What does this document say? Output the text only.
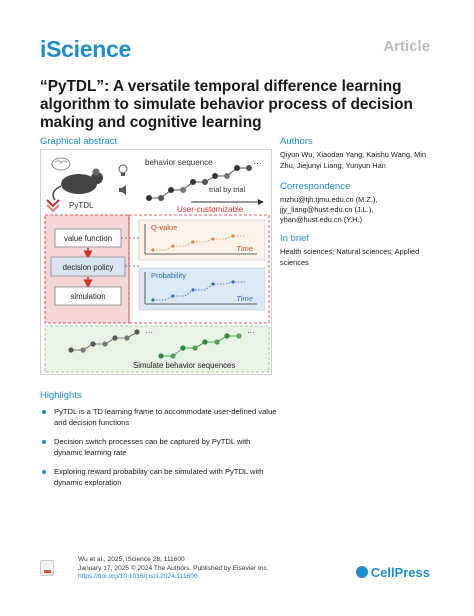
iScience	Article
“PyTDL”: A versatile temporal difference learning algorithm to simulate behavior process of decision making and cognitive learning
Graphical abstract
behavior sequence	···
trial by trial
PyTDL	User-customizable
value function
decision policy
simulation
Q-value
Time
Probability
Time
···	···
Simulate behavior sequences
Authors
Qiyun Wu, Xiaodan Yang, Kaishu Wang, Min Zhu, Jiejunyi Liang, Yunyun Han
Correspondence
mzhu@tjh.tjmu.edu.cn (M.Z.),
jjy_liang@hust.edu.cn (J.L.),
yhan@hust.edu.cn (Y.H.)
In brief
Health sciences; Natural sciences; Applied sciences
Highlights
PyTDL is a TD learning frame to accommodate user-defined value and decision functions
Decision switch processes can be captured by PyTDL with dynamic learning rate
Exploring reward probability can be simulated with PyTDL with dynamic exploration
Wu et al., 2025, iScience 28, 111600
January 17, 2025 © 2024 The Authors. Published by Elsevier Inc.
https://doi.org/10.1016/j.isci.2024.111600	CellPress
